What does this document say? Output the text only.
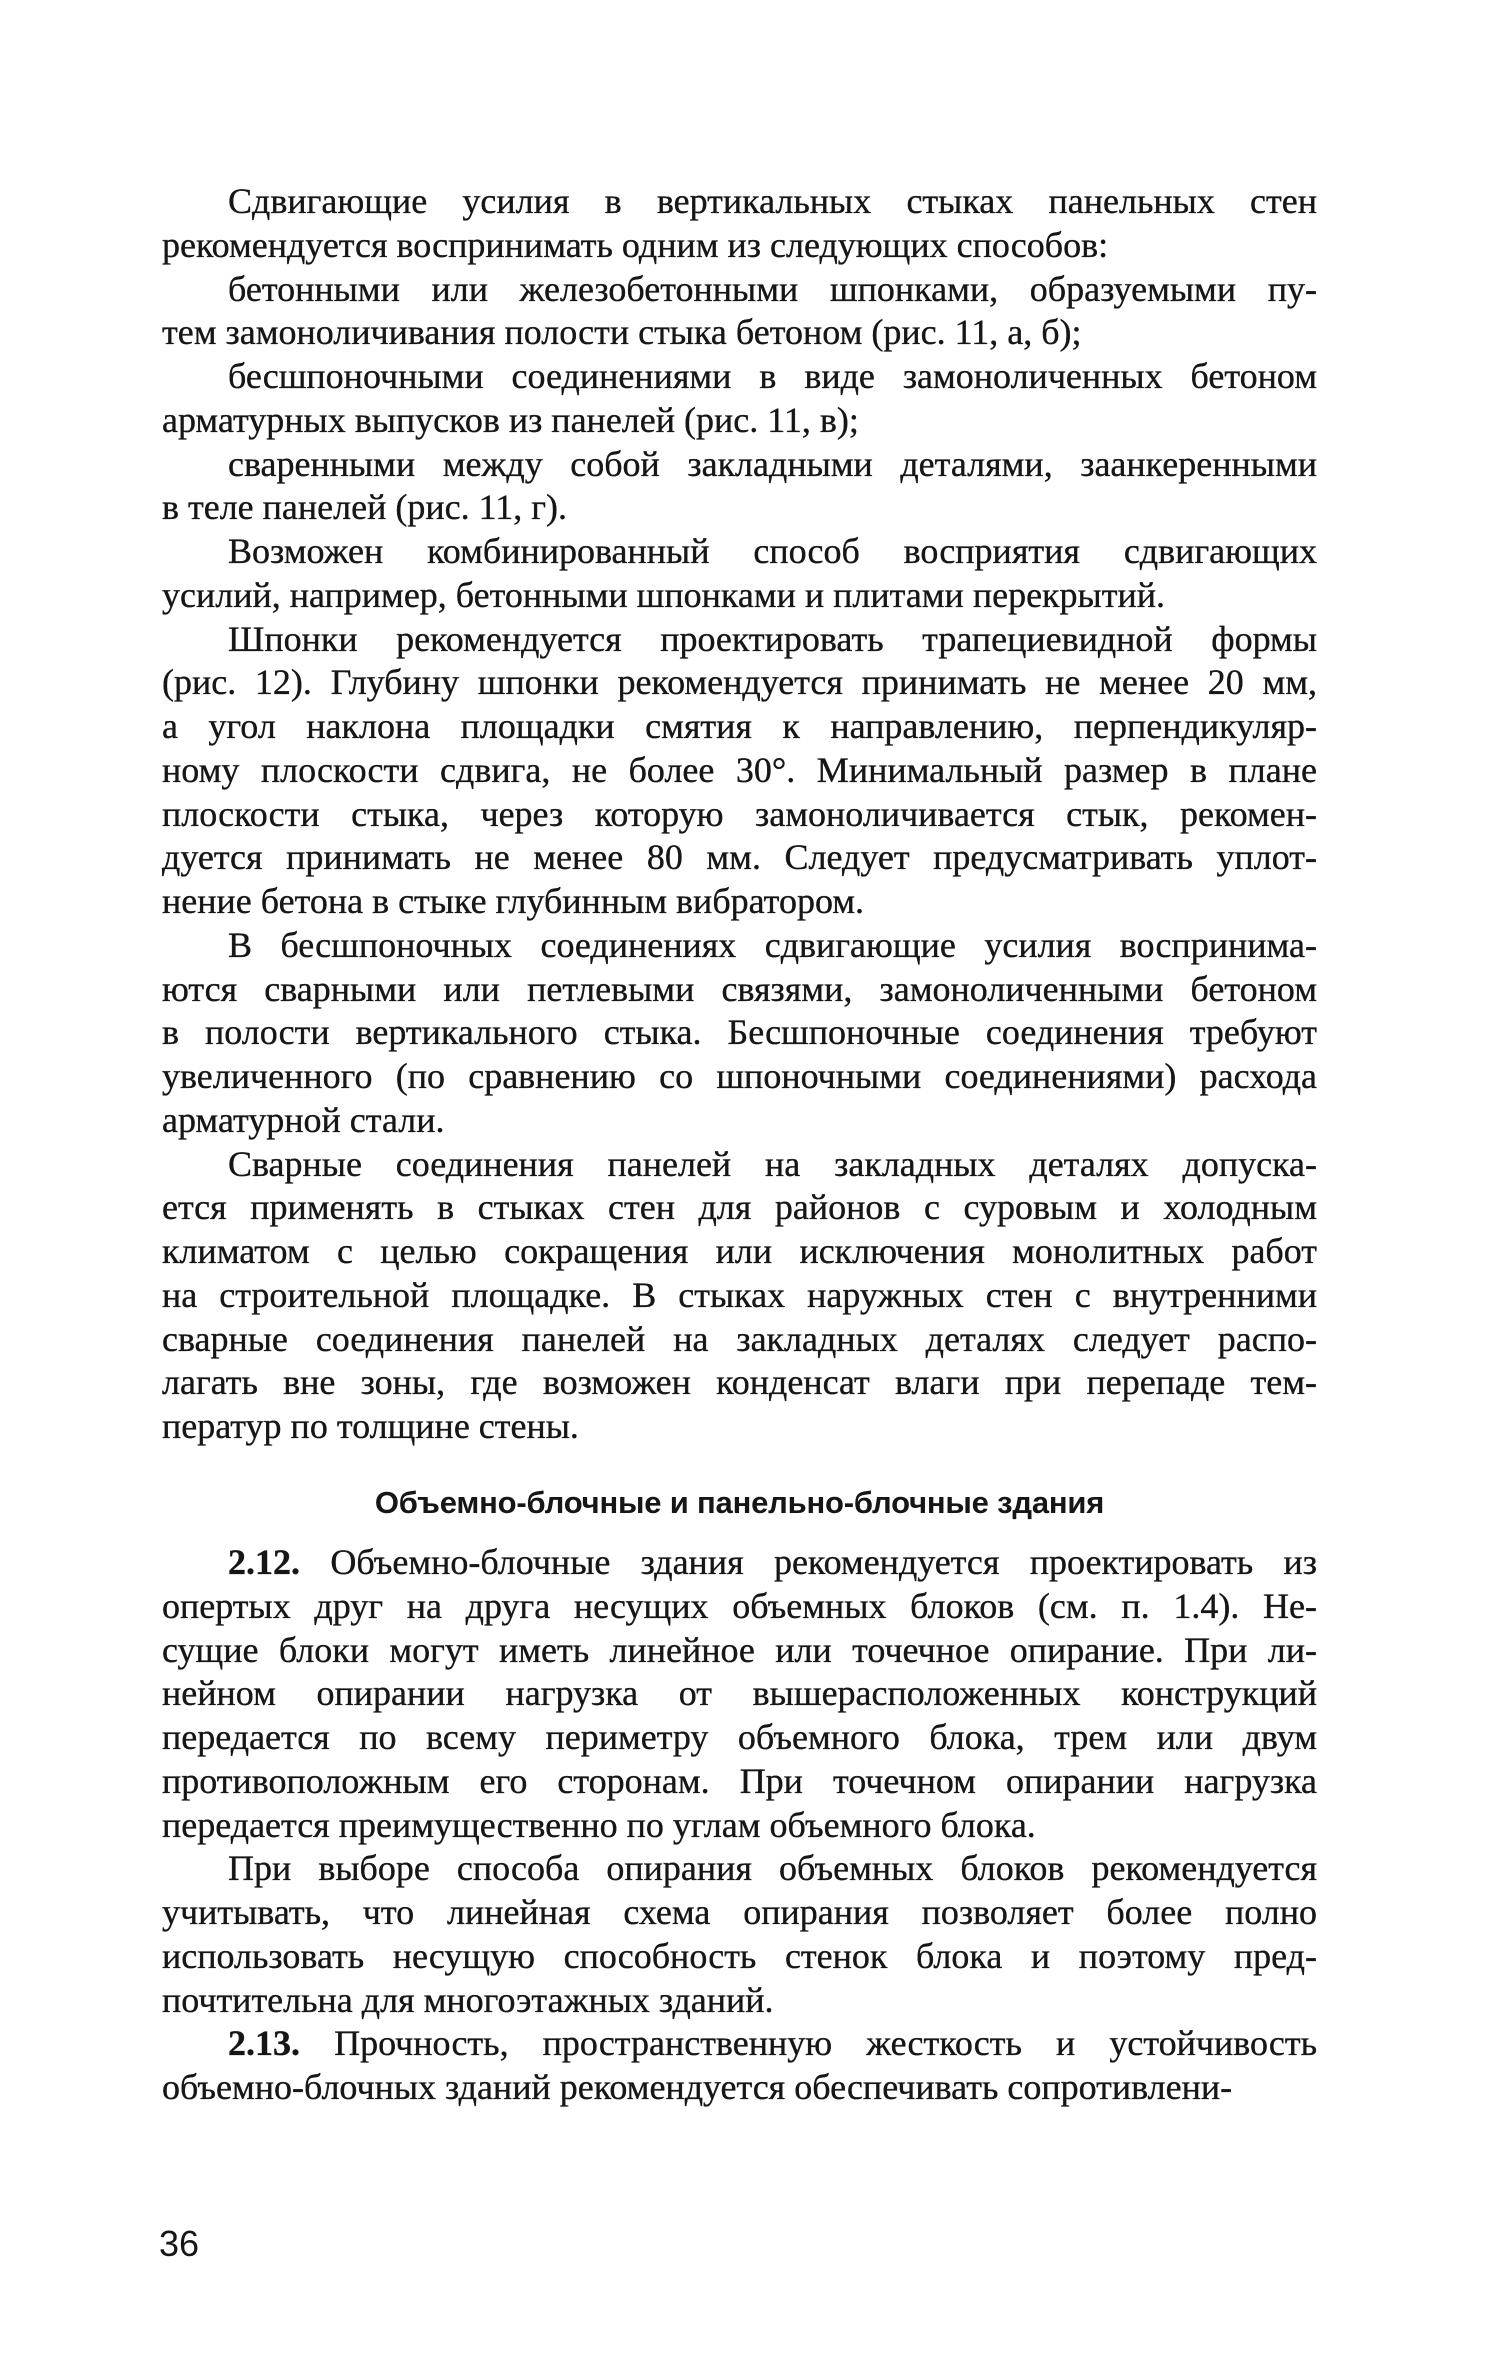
Сдвигающие усилия в вертикальных стыках панельных стен
рекомендуется воспринимать одним из следующих способов:
бетонными или железобетонными шпонками, образуемыми пу-
тем замоноличивания полости стыка бетоном (рис. 11, а, б);
бесшпоночными соединениями в виде замоноличенных бетоном
арматурных выпусков из панелей (рис. 11, в);
сваренными между собой закладными деталями, заанкеренными
в теле панелей (рис. 11, г).
Возможен комбинированный способ восприятия сдвигающих
усилий, например, бетонными шпонками и плитами перекрытий.
Шпонки рекомендуется проектировать трапециевидной формы
(рис. 12). Глубину шпонки рекомендуется принимать не менее 20 мм,
а угол наклона площадки смятия к направлению, перпендикуляр-
ному плоскости сдвига, не более 30°. Минимальный размер в плане
плоскости стыка, через которую замоноличивается стык, рекомен-
дуется принимать не менее 80 мм. Следует предусматривать уплот-
нение бетона в стыке глубинным вибратором.
В бесшпоночных соединениях сдвигающие усилия воспринима-
ются сварными или петлевыми связями, замоноличенными бетоном
в полости вертикального стыка. Бесшпоночные соединения требуют
увеличенного (по сравнению со шпоночными соединениями) расхода
арматурной стали.
Сварные соединения панелей на закладных деталях допуска-
ется применять в стыках стен для районов с суровым и холодным
климатом с целью сокращения или исключения монолитных работ
на строительной площадке. В стыках наружных стен с внутренними
сварные соединения панелей на закладных деталях следует распо-
лагать вне зоны, где возможен конденсат влаги при перепаде тем-
ператур по толщине стены.
Объемно-блочные и панельно-блочные здания
2.12. Объемно-блочные здания рекомендуется проектировать из
опертых друг на друга несущих объемных блоков (см. п. 1.4). Не-
сущие блоки могут иметь линейное или точечное опирание. При ли-
нейном опирании нагрузка от вышерасположенных конструкций
передается по всему периметру объемного блока, трем или двум
противоположным его сторонам. При точечном опирании нагрузка
передается преимущественно по углам объемного блока.
При выборе способа опирания объемных блоков рекомендуется
учитывать, что линейная схема опирания позволяет более полно
использовать несущую способность стенок блока и поэтому пред-
почтительна для многоэтажных зданий.
2.13. Прочность, пространственную жесткость и устойчивость
объемно-блочных зданий рекомендуется обеспечивать сопротивлени-
36
